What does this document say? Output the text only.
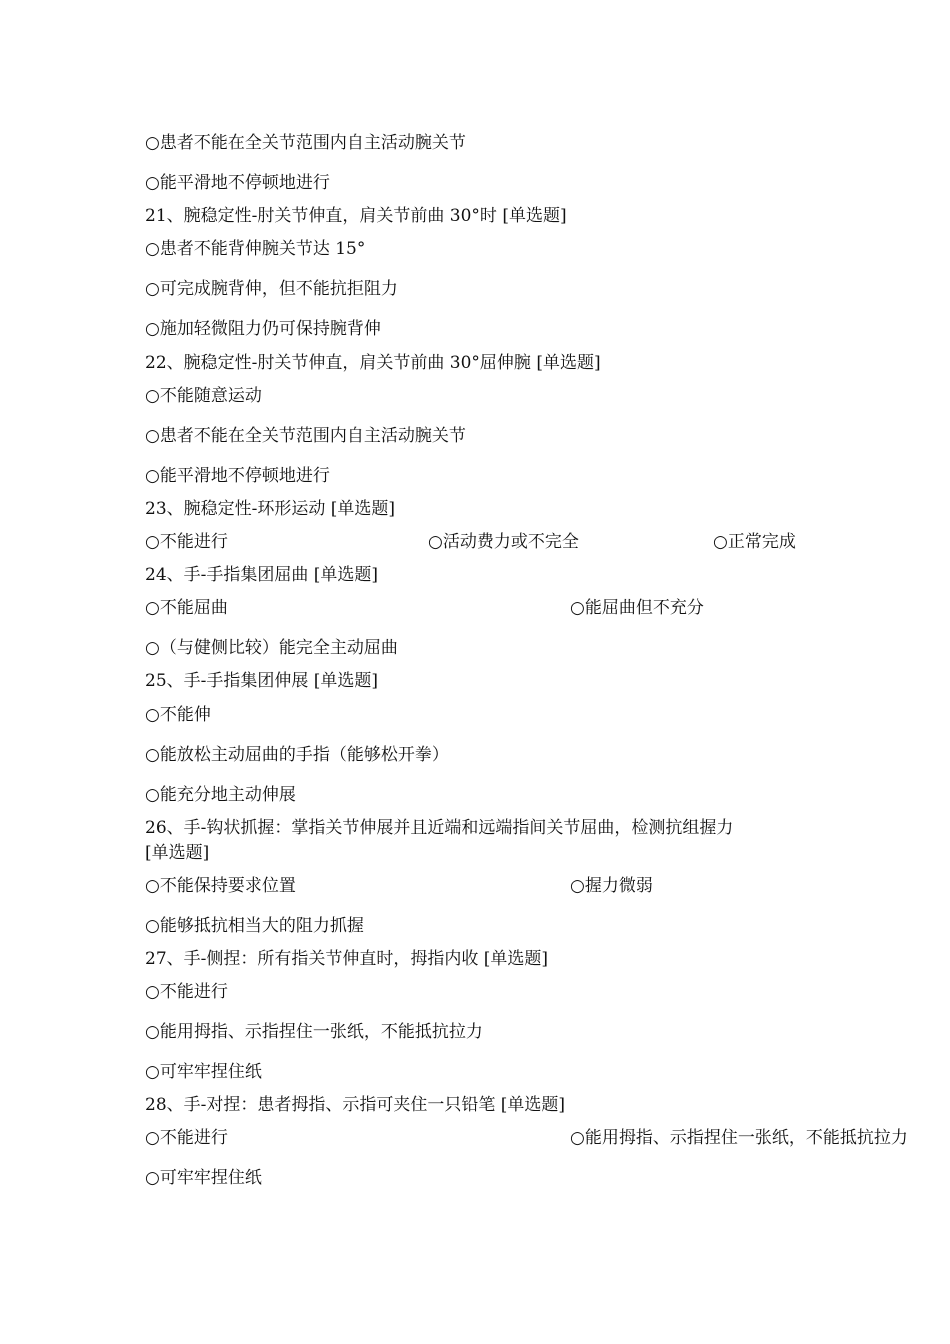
○患者不能在全关节范围内自主活动腕关节
○能平滑地不停顿地进行
21、腕稳定性-肘关节伸直，肩关节前曲 30°时 [单选题]
○患者不能背伸腕关节达 15°
○可完成腕背伸，但不能抗拒阻力
○施加轻微阻力仍可保持腕背伸
22、腕稳定性-肘关节伸直，肩关节前曲 30°屈伸腕 [单选题]
○不能随意运动
○患者不能在全关节范围内自主活动腕关节
○能平滑地不停顿地进行
23、腕稳定性-环形运动 [单选题]
○不能进行	○活动费力或不完全	○正常完成
24、手-手指集团屈曲 [单选题]
○不能屈曲	○能屈曲但不充分
○（与健侧比较）能完全主动屈曲
25、手-手指集团伸展 [单选题]
○不能伸
○能放松主动屈曲的手指（能够松开拳）
○能充分地主动伸展
26、手-钩状抓握：掌指关节伸展并且近端和远端指间关节屈曲，检测抗组握力
[单选题]
○不能保持要求位置	○握力微弱
○能够抵抗相当大的阻力抓握
27、手-侧捏：所有指关节伸直时，拇指内收 [单选题]
○不能进行
○能用拇指、示指捏住一张纸，不能抵抗拉力
○可牢牢捏住纸
28、手-对捏：患者拇指、示指可夹住一只铅笔 [单选题]
○不能进行	○能用拇指、示指捏住一张纸，不能抵抗拉力
○可牢牢捏住纸
